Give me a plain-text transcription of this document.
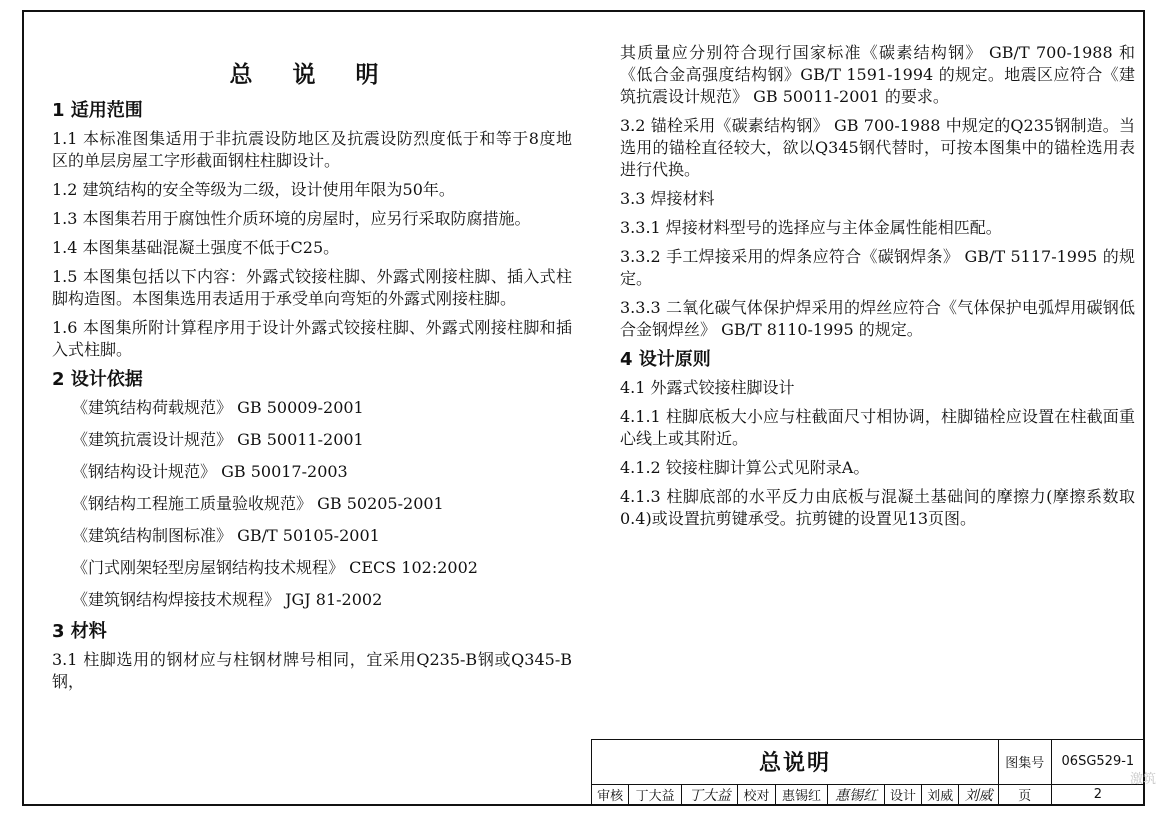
总 说 明
1 适用范围
1.1 本标准图集适用于非抗震设防地区及抗震设防烈度低于和等于8度地区的单层房屋工字形截面钢柱柱脚设计。
1.2 建筑结构的安全等级为二级，设计使用年限为50年。
1.3 本图集若用于腐蚀性介质环境的房屋时，应另行采取防腐措施。
1.4 本图集基础混凝土强度不低于C25。
1.5 本图集包括以下内容：外露式铰接柱脚、外露式刚接柱脚、插入式柱脚构造图。本图集选用表适用于承受单向弯矩的外露式刚接柱脚。
1.6 本图集所附计算程序用于设计外露式铰接柱脚、外露式刚接柱脚和插入式柱脚。
2 设计依据
《建筑结构荷载规范》 GB 50009-2001
《建筑抗震设计规范》 GB 50011-2001
《钢结构设计规范》 GB 50017-2003
《钢结构工程施工质量验收规范》 GB 50205-2001
《建筑结构制图标准》 GB/T 50105-2001
《门式刚架轻型房屋钢结构技术规程》 CECS 102:2002
《建筑钢结构焊接技术规程》 JGJ 81-2002
3 材料
3.1 柱脚选用的钢材应与柱钢材牌号相同，宜采用Q235-B钢或Q345-B钢，
其质量应分别符合现行国家标准《碳素结构钢》 GB/T 700-1988 和《低合金高强度结构钢》GB/T 1591-1994 的规定。地震区应符合《建筑抗震设计规范》 GB 50011-2001 的要求。
3.2 锚栓采用《碳素结构钢》 GB 700-1988 中规定的Q235钢制造。当选用的锚栓直径较大，欲以Q345钢代替时，可按本图集中的锚栓选用表进行代换。
3.3 焊接材料
3.3.1 焊接材料型号的选择应与主体金属性能相匹配。
3.3.2 手工焊接采用的焊条应符合《碳钢焊条》 GB/T 5117-1995 的规定。
3.3.3 二氧化碳气体保护焊采用的焊丝应符合《气体保护电弧焊用碳钢低合金钢焊丝》 GB/T 8110-1995 的规定。
4 设计原则
4.1 外露式铰接柱脚设计
4.1.1 柱脚底板大小应与柱截面尺寸相协调，柱脚锚栓应设置在柱截面重心线上或其附近。
4.1.2 铰接柱脚计算公式见附录A。
4.1.3 柱脚底部的水平反力由底板与混凝土基础间的摩擦力(摩擦系数取0.4)或设置抗剪键承受。抗剪键的设置见13页图。
总说明									图集号	06SG529-1
审核	丁大益	丁大益	校对	惠锡红	惠锡红	设计	刘威	刘威	页	2
激筑
